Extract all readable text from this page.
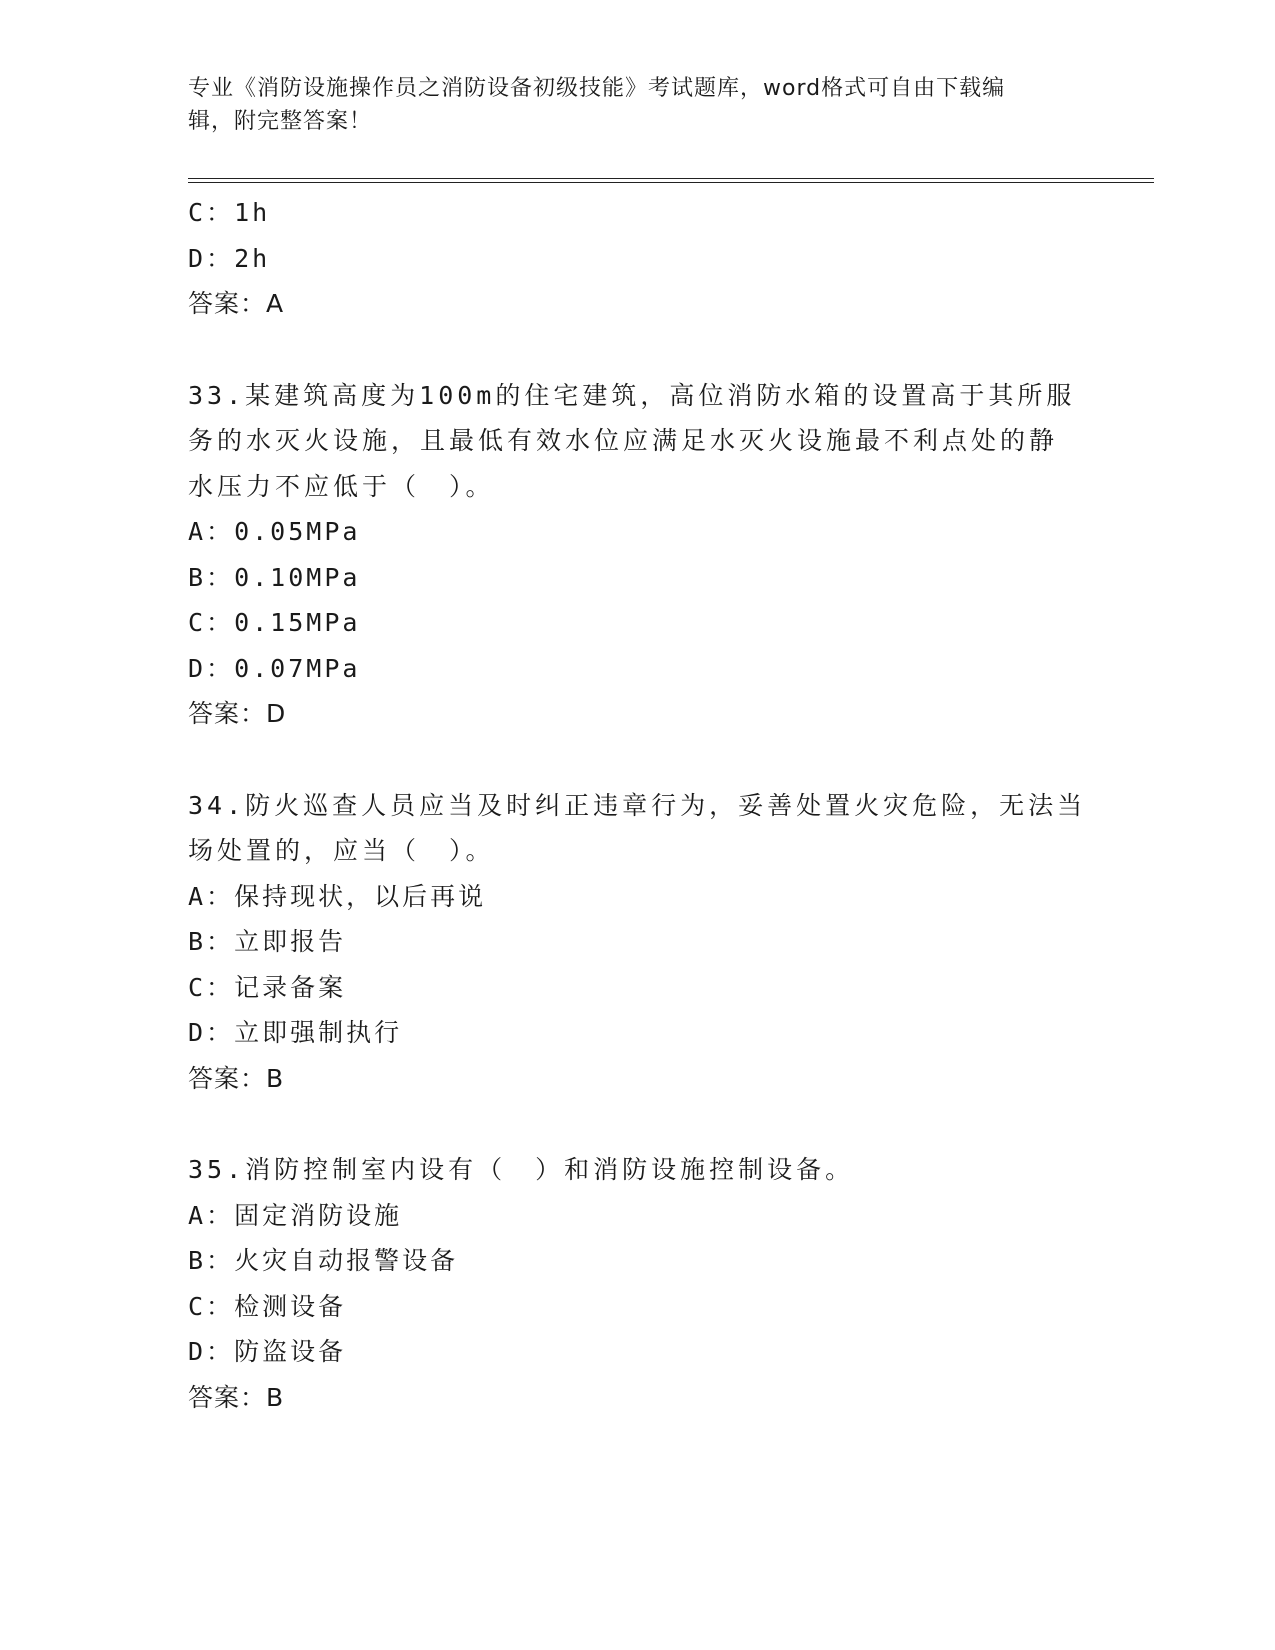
专业《消防设施操作员之消防设备初级技能》考试题库，word格式可自由下载编
辑，附完整答案！
C：1h
D：2h
答案：A
33.某建筑高度为100m的住宅建筑，高位消防水箱的设置高于其所服
务的水灭火设施，且最低有效水位应满足水灭火设施最不利点处的静
水压力不应低于（　）。
A：0.05MPa
B：0.10MPa
C：0.15MPa
D：0.07MPa
答案：D
34.防火巡查人员应当及时纠正违章行为，妥善处置火灾危险，无法当
场处置的，应当（　）。
A：保持现状，以后再说
B：立即报告
C：记录备案
D：立即强制执行
答案：B
35.消防控制室内设有（　）和消防设施控制设备。
A：固定消防设施
B：火灾自动报警设备
C：检测设备
D：防盗设备
答案：B
